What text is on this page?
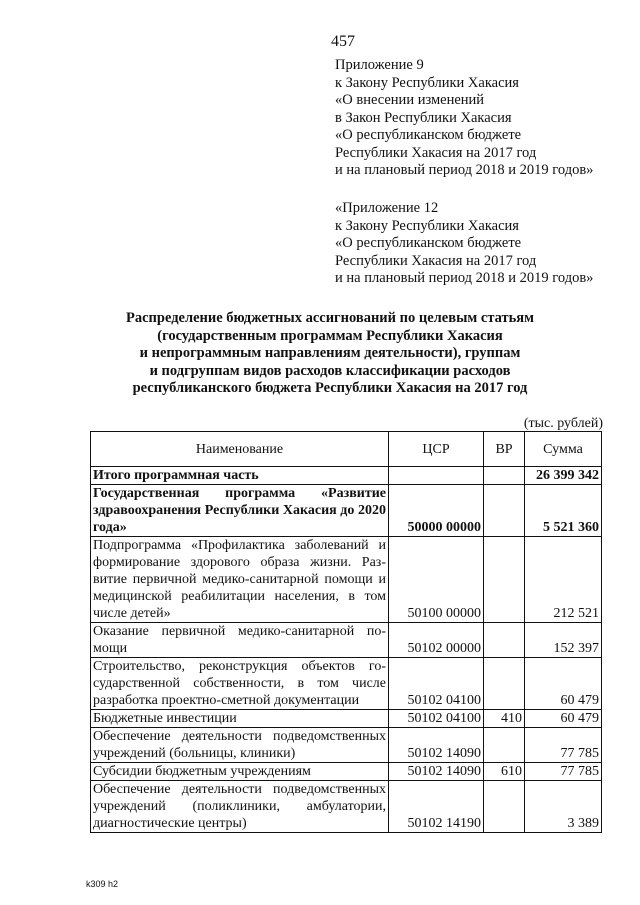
457
Приложение 9
к Закону Республики Хакасия
«О внесении изменений
в Закон Республики Хакасия
«О республиканском бюджете
Республики Хакасия на 2017 год
и на плановый период 2018 и 2019 годов»
«Приложение 12
к Закону Республики Хакасия
«О республиканском бюджете
Республики Хакасия на 2017 год
и на плановый период 2018 и 2019 годов»
Распределение бюджетных ассигнований по целевым статьям
(государственным программам Республики Хакасия
и непрограммным направлениям деятельности), группам
и подгруппам видов расходов классификации расходов
республиканского бюджета Республики Хакасия на 2017 год
(тыс. рублей)
Наименование	ЦСР	ВР	Сумма
Итого программная часть			26 399 342
Государственная программа «Развитие здравоохранения Республики Хакасия до 2020 года»	50000 00000		5 521 360
Подпрограмма «Профилактика заболеваний и формирование здорового образа жизни. Развитие первичной медико-санитарной помощи и медицинской реабилитации населения, в том числе детей»	50100 00000		212 521
Оказание первичной медико-санитарной помощи	50102 00000		152 397
Строительство, реконструкция объектов государственной собственности, в том числе разработка проектно-сметной документации	50102 04100		60 479
Бюджетные инвестиции	50102 04100	410	60 479
Обеспечение деятельности подведомственных учреждений (больницы, клиники)	50102 14090		77 785
Субсидии бюджетным учреждениям	50102 14090	610	77 785
Обеспечение деятельности подведомственных учреждений (поликлиники, амбулатории, диагностические центры)	50102 14190		3 389
k309 h2
